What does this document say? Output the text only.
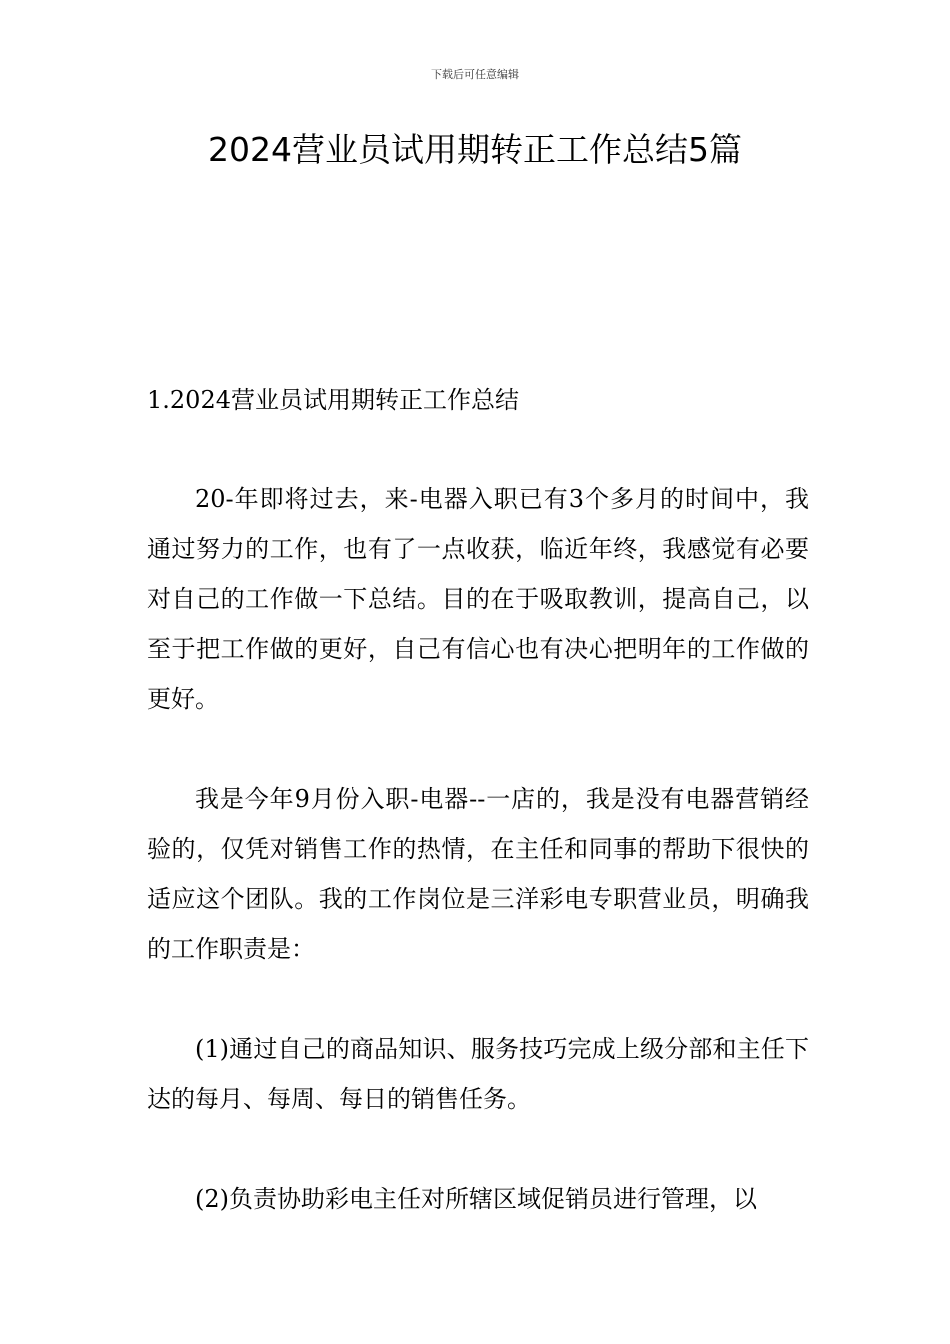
下载后可任意编辑
2024营业员试用期转正工作总结5篇
1.2024营业员试用期转正工作总结

20-年即将过去，来-电器入职已有3个多月的时间中，我通过努力的工作，也有了一点收获，临近年终，我感觉有必要对自己的工作做一下总结。目的在于吸取教训，提高自己，以至于把工作做的更好，自己有信心也有决心把明年的工作做的更好。

我是今年9月份入职-电器--一店的，我是没有电器营销经验的，仅凭对销售工作的热情，在主任和同事的帮助下很快的适应这个团队。我的工作岗位是三洋彩电专职营业员，明确我的工作职责是：

(1)通过自己的商品知识、服务技巧完成上级分部和主任下达的每月、每周、每日的销售任务。

(2)负责协助彩电主任对所辖区域促销员进行管理，以
